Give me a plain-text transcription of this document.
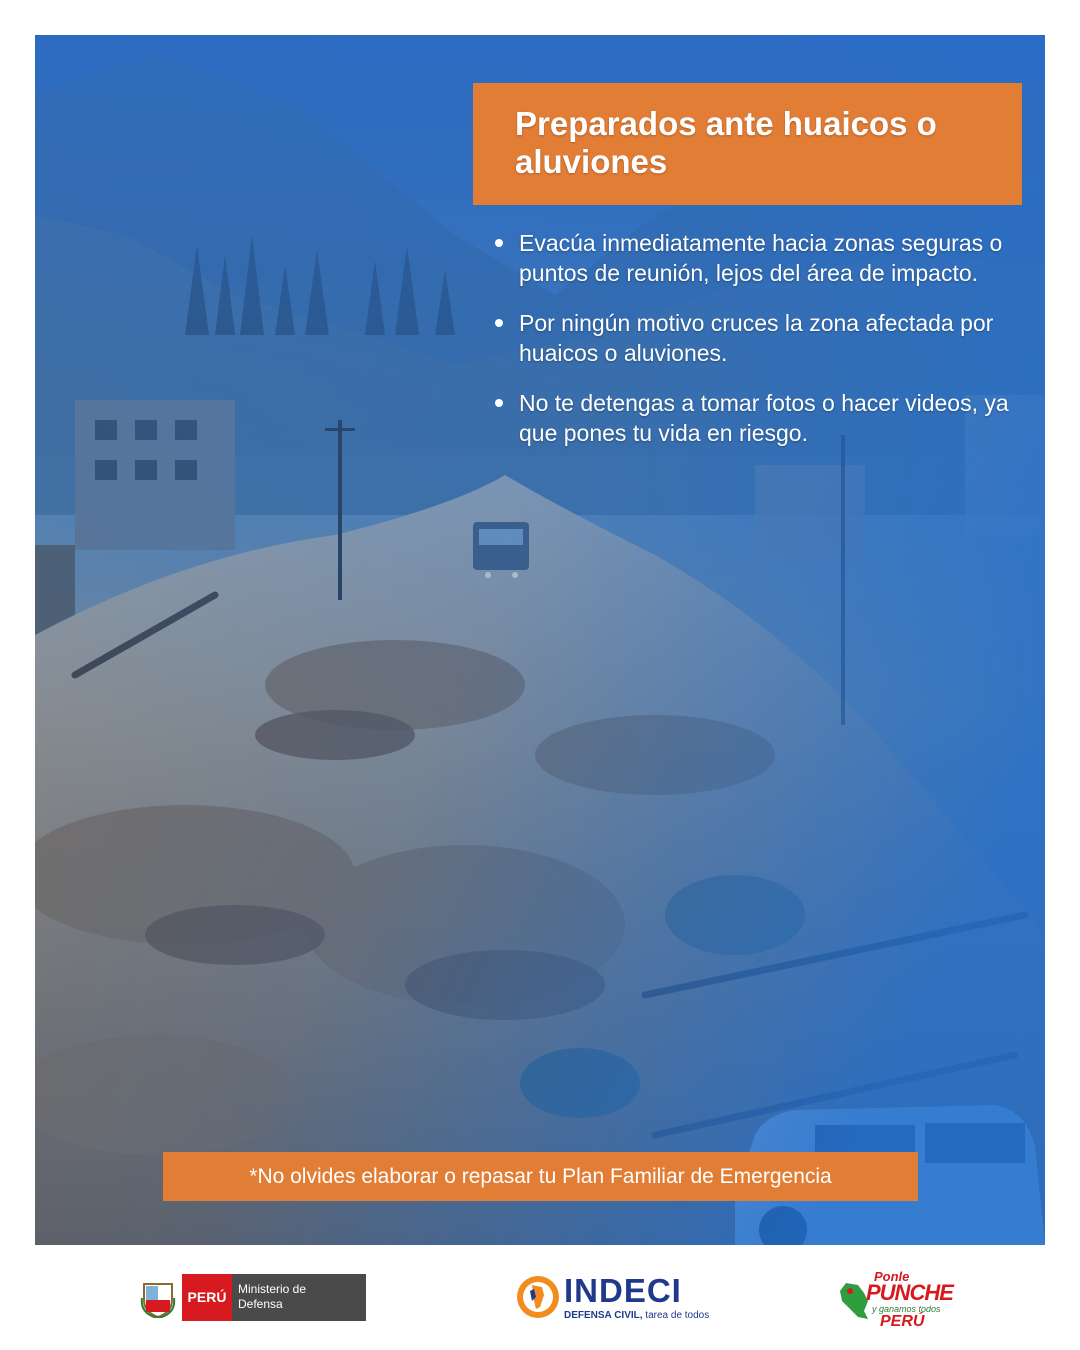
Preparados ante huaicos o aluviones
Evacúa inmediatamente hacia zonas seguras o puntos de reunión, lejos del área de impacto.
Por ningún motivo cruces la zona afectada por huaicos o aluviones.
No te detengas a tomar fotos o hacer videos, ya que pones tu vida en riesgo.
*No olvides elaborar o repasar tu Plan Familiar de Emergencia
PERÚ Ministerio de Defensa	INDECI
DEFENSA CIVIL, tarea de todos
Ponle
PUNCHE
y ganamos todos
PERÚ
